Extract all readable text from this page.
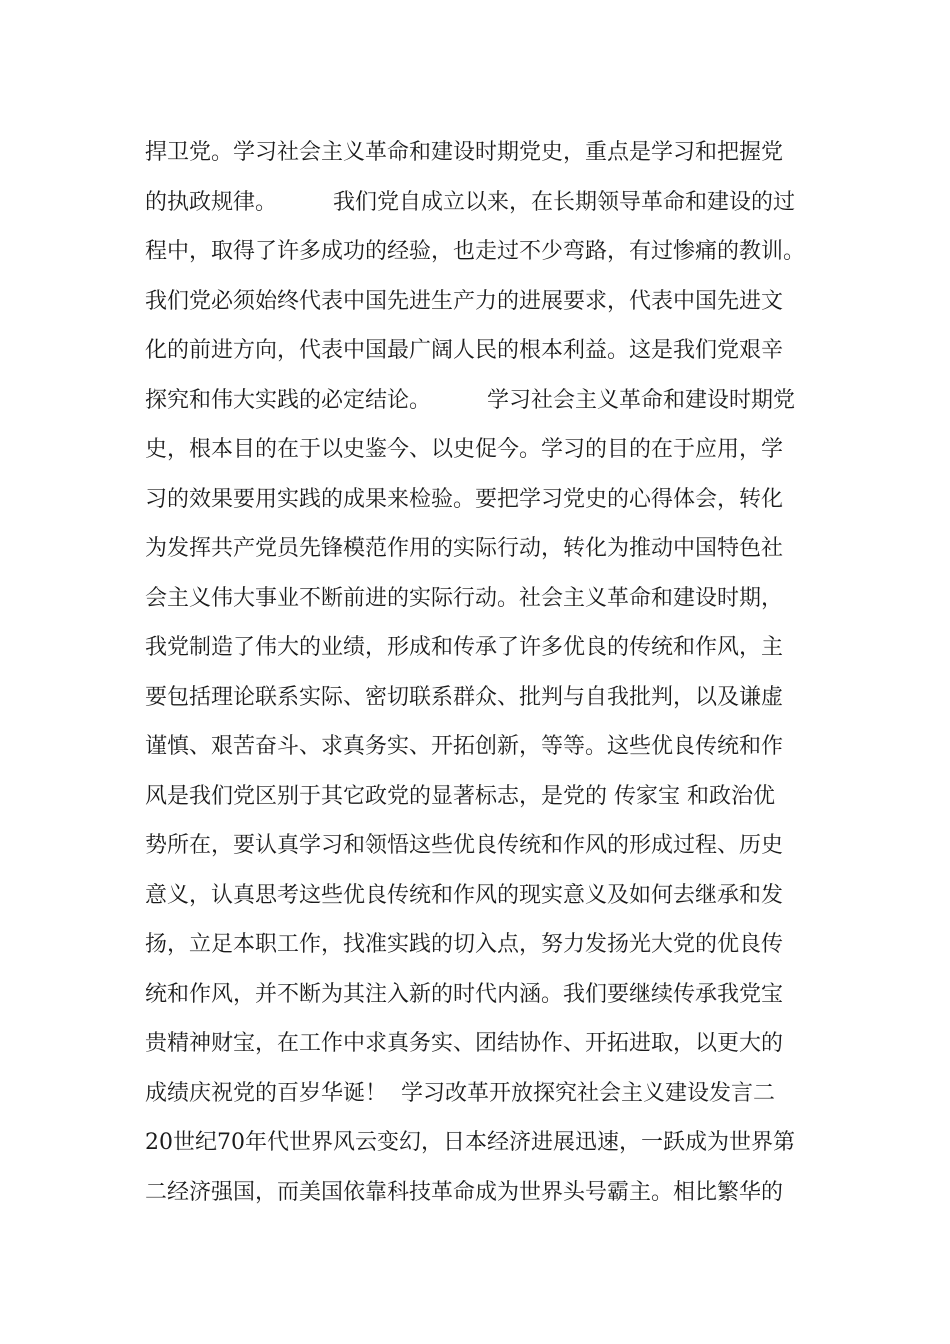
捍卫党。学习社会主义革命和建设时期党史，重点是学习和把握党
的执政规律。        我们党自成立以来，在长期领导革命和建设的过
程中，取得了许多成功的经验，也走过不少弯路，有过惨痛的教训。
我们党必须始终代表中国先进生产力的进展要求，代表中国先进文
化的前进方向，代表中国最广阔人民的根本利益。这是我们党艰辛
探究和伟大实践的必定结论。        学习社会主义革命和建设时期党
史，根本目的在于以史鉴今、以史促今。学习的目的在于应用，学
习的效果要用实践的成果来检验。要把学习党史的心得体会，转化
为发挥共产党员先锋模范作用的实际行动，转化为推动中国特色社
会主义伟大事业不断前进的实际行动。社会主义革命和建设时期，
我党制造了伟大的业绩，形成和传承了许多优良的传统和作风，主
要包括理论联系实际、密切联系群众、批判与自我批判，以及谦虚
谨慎、艰苦奋斗、求真务实、开拓创新，等等。这些优良传统和作
风是我们党区别于其它政党的显著标志，是党的 传家宝 和政治优
势所在，要认真学习和领悟这些优良传统和作风的形成过程、历史
意义，认真思考这些优良传统和作风的现实意义及如何去继承和发
扬，立足本职工作，找准实践的切入点，努力发扬光大党的优良传
统和作风，并不断为其注入新的时代内涵。我们要继续传承我党宝
贵精神财宝，在工作中求真务实、团结协作、开拓进取，以更大的
成绩庆祝党的百岁华诞！  学习改革开放探究社会主义建设发言二
20世纪70年代世界风云变幻，日本经济进展迅速，一跃成为世界第
二经济强国，而美国依靠科技革命成为世界头号霸主。相比繁华的
